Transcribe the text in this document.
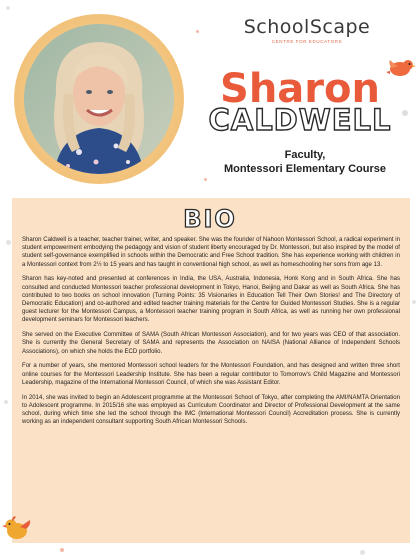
SchoolScape
CENTRE FOR EDUCATORS
Sharon
CALDWELL
Faculty,
Montessori Elementary Course
BIO

Sharon Caldwell is a teacher, teacher trainer, writer, and speaker. She was the founder of Nahoon Montessori School, a radical experiment in student empowerment embodying the pedagogy and vision of student liberty encouraged by Dr. Montessori, but also inspired by the model of student self-governance exemplified in schools within the Democratic and Free School tradition. She has experience working with children in a Montessori context from 2½ to 15 years and has taught in conventional high school, as well as homeschooling her sons from age 13.

Sharon has key-noted and presented at conferences in India, the USA, Australia, Indonesia, Honk Kong and in South Africa. She has consulted and conducted Montessori teacher professional development in Tokyo, Hanoi, Beijing and Dakar as well as South Africa. She has contributed to two books on school innovation (Turning Points: 35 Visionaries in Education Tell Their Own Stories! and The Directory of Democratic Education) and co-authored and edited teacher training materials for the Centre for Guided Montessori Studies. She is a regular guest lecturer for the Montessori Campus, a Montessori teacher training program in South Africa, as well as running her own professional development seminars for Montessori teachers.

She served on the Executive Committee of SAMA (South African Montessori Association), and for two years was CEO of that association. She is currently the General Secretary of SAMA and represents the Association on NAISA (National Alliance of Independent Schools Associations), on which she holds the ECD portfolio.

For a number of years, she mentored Montessori school leaders for the Montessori Foundation, and has designed and written three short online courses for the Montessori Leadership Institute. She has been a regular contributor to Tomorrow's Child Magazine and Montessori Leadership, magazine of the International Montessori Council, of which she was Assistant Editor.

In 2014, she was invited to begin an Adolescent programme at the Montessori School of Tokyo, after completing the AMI/NAMTA Orientation to Adolescent programme. In 2015/16 she was employed as Curriculum Coordinator and Director of Professional Development at the same school, during which time she led the school through the IMC (International Montessori Council) Accreditation process. She is currently working as an independent consultant supporting South African Montessori Schools.
